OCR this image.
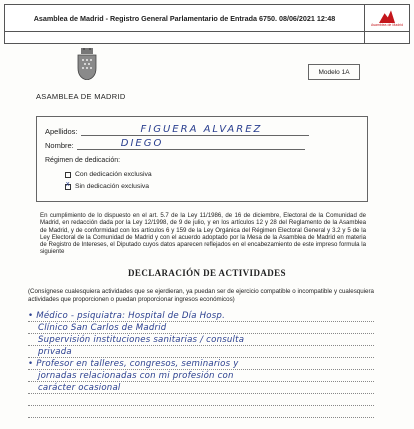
Asamblea de Madrid - Registro General Parlamentario de Entrada 6750. 08/06/2021 12:48
Asamblea de Madrid
ASAMBLEA DE MADRID
Modelo 1A
Apellidos:	FIGUERA ALVAREZ
Nombre:	DIEGO
Régimen de dedicación:
Con dedicación exclusiva
x
Sin dedicación exclusiva
En cumplimiento de lo dispuesto en el art. 5.7 de la Ley 11/1986, de 16 de diciembre, Electoral de la Comunidad de Madrid, en redacción dada por la Ley 12/1998, de 9 de julio, y en los artículos 12 y 28 del Reglamento de la Asamblea de Madrid, y de conformidad con los artículos 6 y 159 de la Ley Orgánica del Régimen Electoral General y 3.2 y 5 de la Ley Electoral de la Comunidad de Madrid y con el acuerdo adoptado por la Mesa de la Asamblea de Madrid en materia de Registro de Intereses, el Diputado cuyos datos aparecen reflejados en el encabezamiento de este impreso formula la siguiente
DECLARACIÓN DE ACTIVIDADES
(Consígnese cualesquiera actividades que se ejerdieran, ya puedan ser de ejercicio compatible o incompatible y cualesquiera actividades que proporcionen o puedan proporcionar ingresos económicos)
• Médico - psiquiatra: Hospital de Día Hosp.
Clínico San Carlos de Madrid
Supervisión instituciones sanitarias / consulta
privada
• Profesor en talleres, congresos, seminarios y
jornadas relacionadas con mi profesión con
carácter ocasional
